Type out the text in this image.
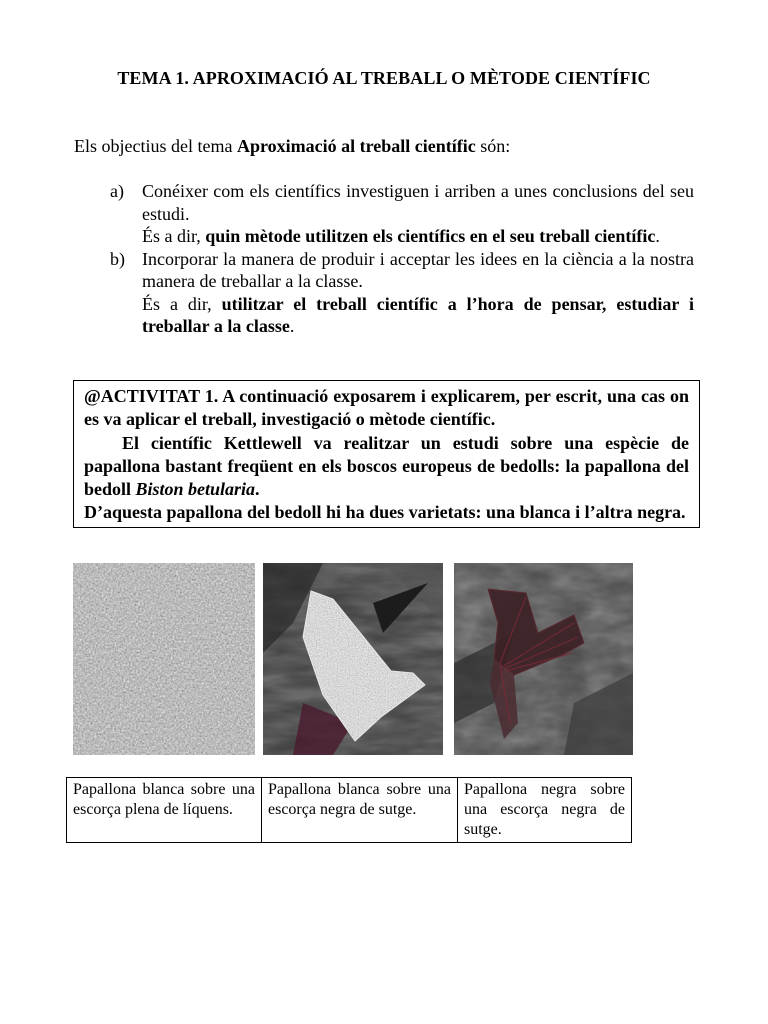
TEMA 1. APROXIMACIÓ AL TREBALL O MÈTODE CIENTÍFIC
Els objectius del tema Aproximació al treball científic són:
a) Conéixer com els científics investiguen i arriben a unes conclusions del seu estudi.

És a dir, quin mètode utilitzen els científics en el seu treball científic.

b) Incorporar la manera de produir i acceptar les idees en la ciència a la nostra manera de treballar a la classe.

És a dir, utilitzar el treball científic a l’hora de pensar, estudiar i treballar a la classe.

@ACTIVITAT 1. A continuació exposarem i explicarem, per escrit, una cas on es va aplicar el treball, investigació o mètode científic.

El científic Kettlewell va realitzar un estudi sobre una espècie de papallona bastant freqüent en els boscos europeus de bedolls: la papallona del bedoll Biston betularia.

D’aquesta papallona del bedoll hi ha dues varietats: una blanca i l’altra negra.

Papallona blanca sobre una escorça plena de líquens.	Papallona blanca sobre una escorça negra de sutge.	Papallona negra sobre una escorça negra de sutge.
